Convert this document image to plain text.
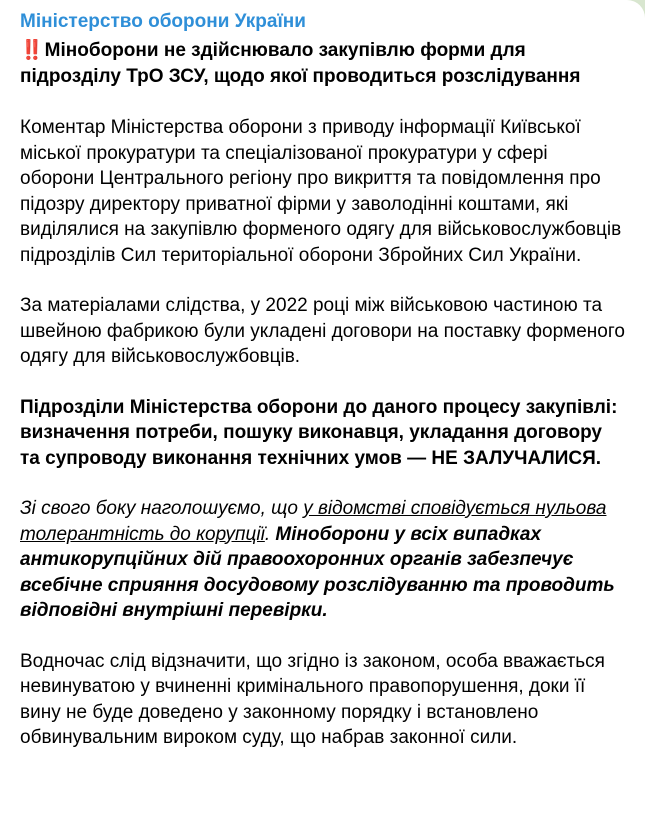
Міністерство оборони України

‼️ Міноборони не здійснювало закупівлю форми для підрозділу ТрО ЗСУ, щодо якої проводиться розслідування

Коментар Міністерства оборони з приводу інформації Київської міської прокуратури та спеціалізованої прокуратури у сфері оборони Центрального регіону про викриття та повідомлення про підозру директору приватної фірми у заволодінні коштами, які виділялися на закупівлю форменого одягу для військовослужбовців підрозділів Сил територіальної оборони Збройних Сил України.

За матеріалами слідства, у 2022 році між військовою частиною та швейною фабрикою були укладені договори на поставку форменого одягу для військовослужбовців.

Підрозділи Міністерства оборони до даного процесу закупівлі: визначення потреби, пошуку виконавця, укладання договору та супроводу виконання технічних умов — НЕ ЗАЛУЧАЛИСЯ.

Зі свого боку наголошуємо, що у відомстві сповідується нульова толерантність до корупції. Міноборони у всіх випадках антикорупційних дій правоохоронних органів забезпечує всебічне сприяння досудовому розслідуванню та проводить відповідні внутрішні перевірки.

Водночас слід відзначити, що згідно із законом, особа вважається невинуватою у вчиненні кримінального правопорушення, доки її вину не буде доведено у законному порядку і встановлено обвинувальним вироком суду, що набрав законної сили.
